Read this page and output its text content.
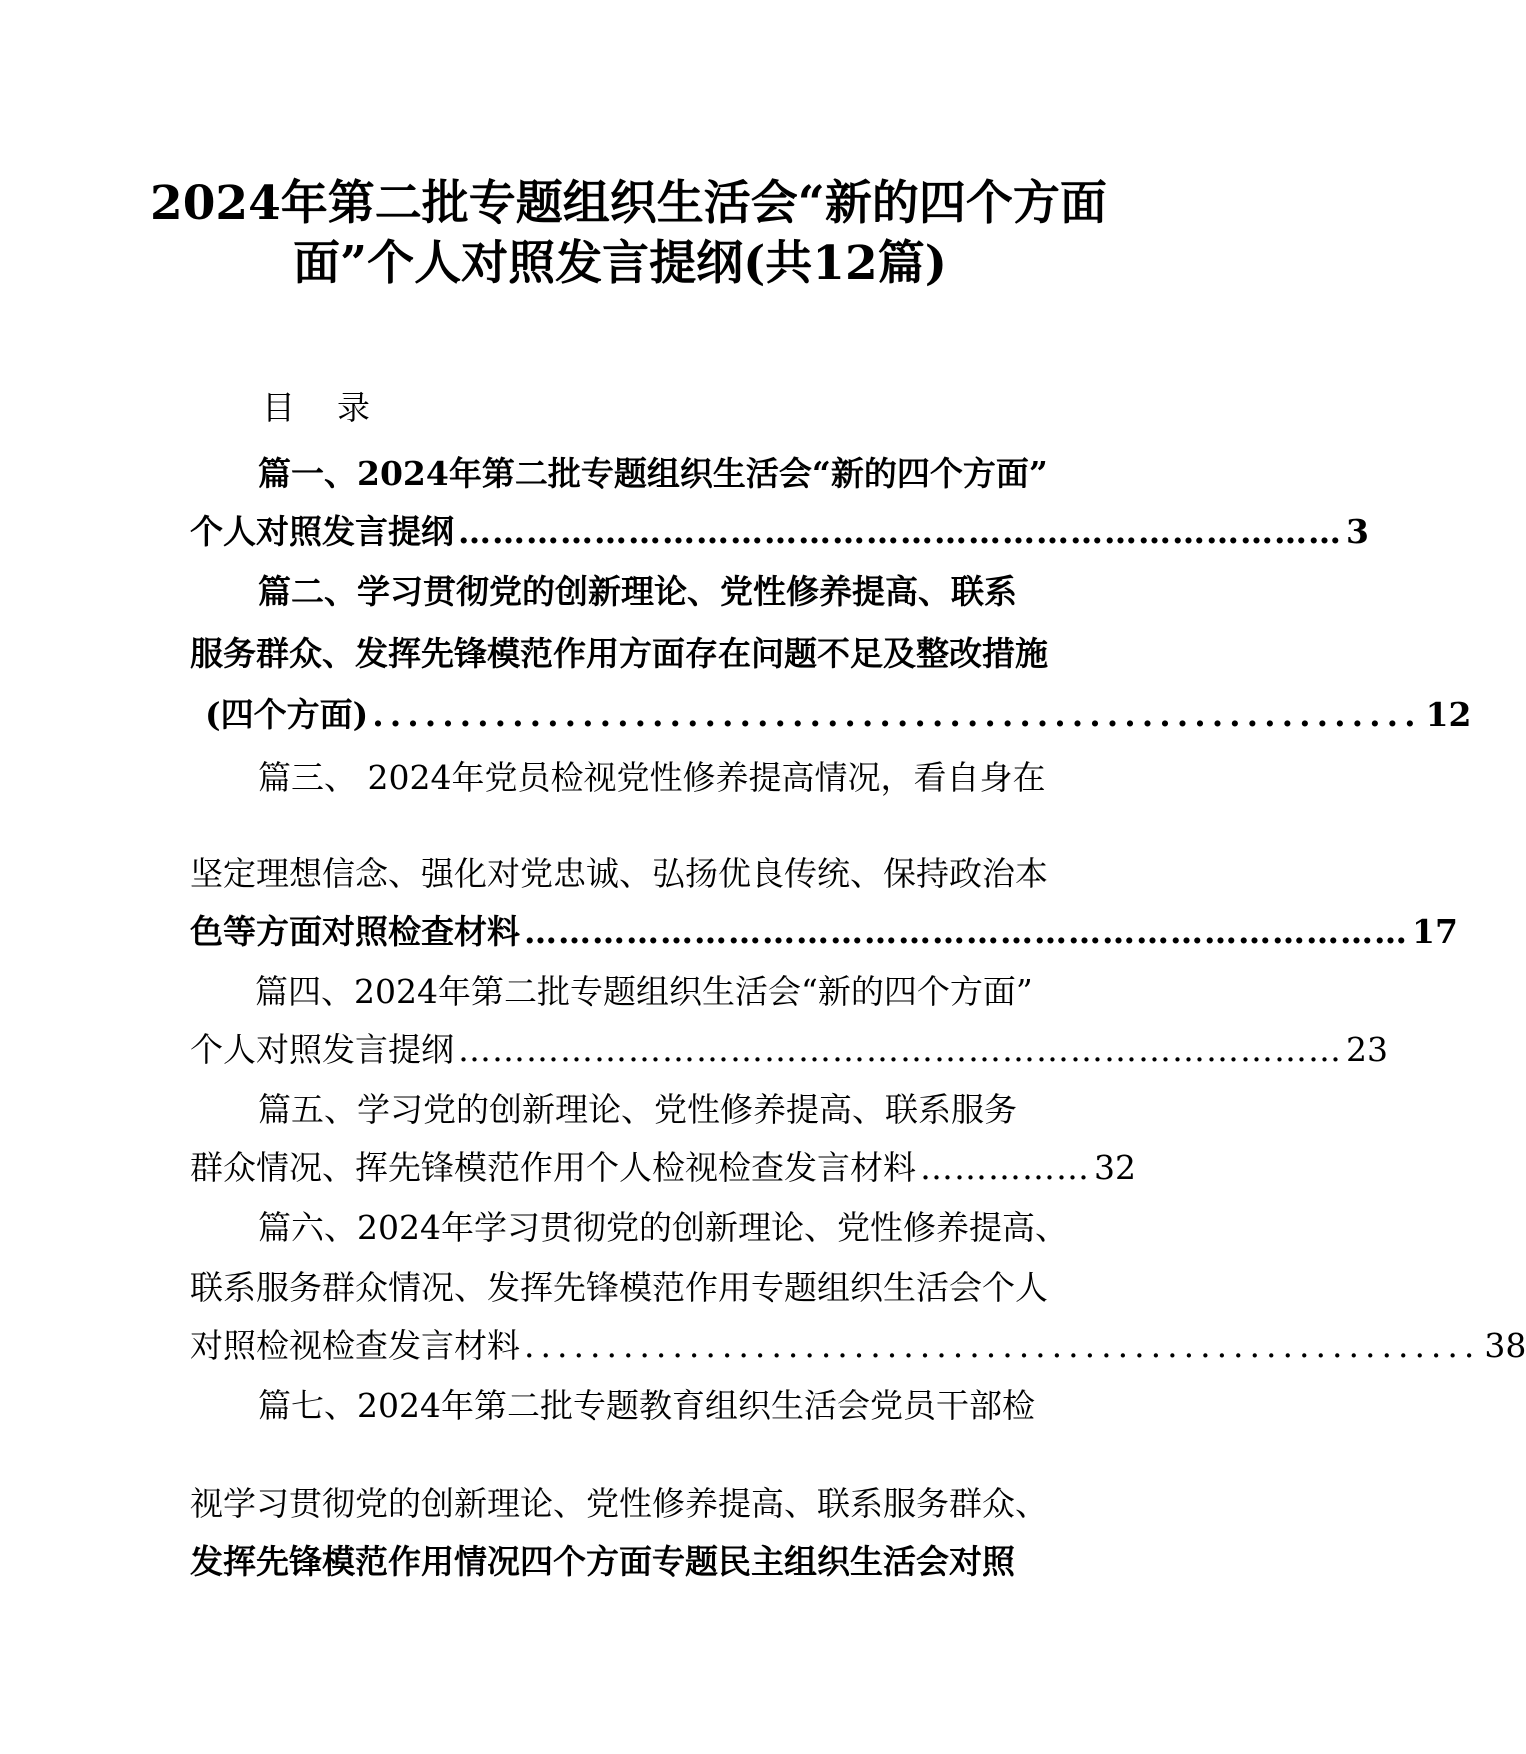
2024年第二批专题组织生活会“新的四个方面
面”个人对照发言提纲(共12篇)
目 录
篇一、2024年第二批专题组织生活会“新的四个方面”
个人对照发言提纲 …………………………………………………………………… 3
篇二、学习贯彻党的创新理论、党性修养提高、联系
服务群众、发挥先锋模范作用方面存在问题不足及整改措施
(四个方面) ............................................................ 12
篇三、 2024年党员检视党性修养提高情况，看自身在
坚定理想信念、强化对党忠诚、弘扬优良传统、保持政治本
色等方面对照检查材料 …………………………………………………………………… 17
篇四、2024年第二批专题组织生活会“新的四个方面”
个人对照发言提纲 …………………………………………………………………… 23
篇五、学习党的创新理论、党性修养提高、联系服务
群众情况、挥先锋模范作用个人检视检查发言材料 …………… 32
篇六、2024年学习贯彻党的创新理论、党性修养提高、
联系服务群众情况、发挥先锋模范作用专题组织生活会个人
对照检视检查发言材料 .......................................................... 38
篇七、2024年第二批专题教育组织生活会党员干部检
视学习贯彻党的创新理论、党性修养提高、联系服务群众、
发挥先锋模范作用情况四个方面专题民主组织生活会对照
